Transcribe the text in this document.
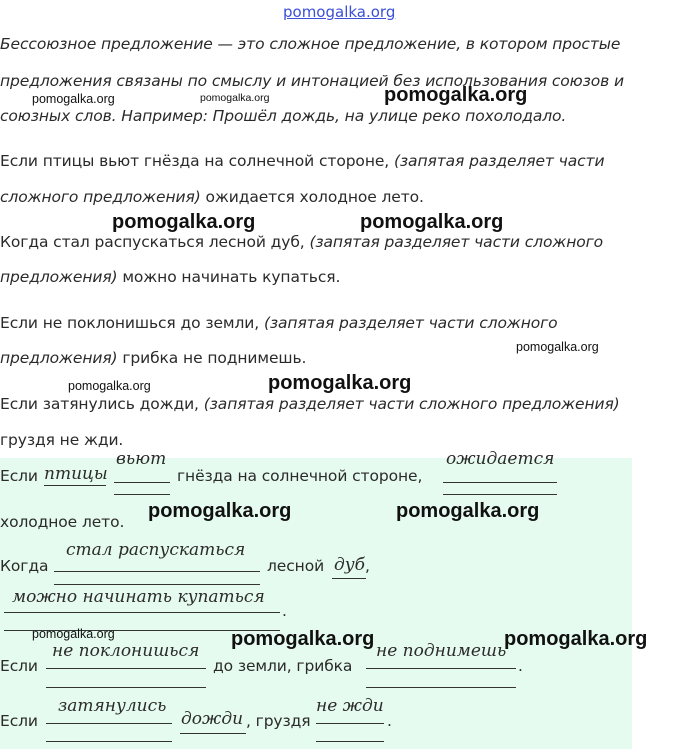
pomogalka.org
Бессоюзное предложение — это сложное предложение, в котором простые
предложения связаны по смыслу и интонацией без использования союзов и
союзных слов. Например: Прошёл дождь, на улице реко похолодало.
Если птицы вьют гнёзда на солнечной стороне, (запятая разделяет части
сложного предложения) ожидается холодное лето.
Когда стал распускаться лесной дуб, (запятая разделяет части сложного
предложения) можно начинать купаться.
Если не поклонишься до земли, (запятая разделяет части сложного
предложения) грибка не поднимешь.
Если затянулись дожди, (запятая разделяет части сложного предложения)
груздя не жди.
Если птицы
вьют
гнёзда на солнечной стороне,
ожидается
холодное лето.
Когда
стал распускаться
лесной дуб ,
можно начинать купаться
.
Если
не поклонишься
до земли, грибка
не поднимешь
.
Если
затянулись
дожди , груздя
не жди
.
pomogalka.org	pomogalka.org	pomogalka.org
pomogalka.org	pomogalka.org
pomogalka.org
pomogalka.org	pomogalka.org
pomogalka.org	pomogalka.org
pomogalka.org	pomogalka.org	pomogalka.org
